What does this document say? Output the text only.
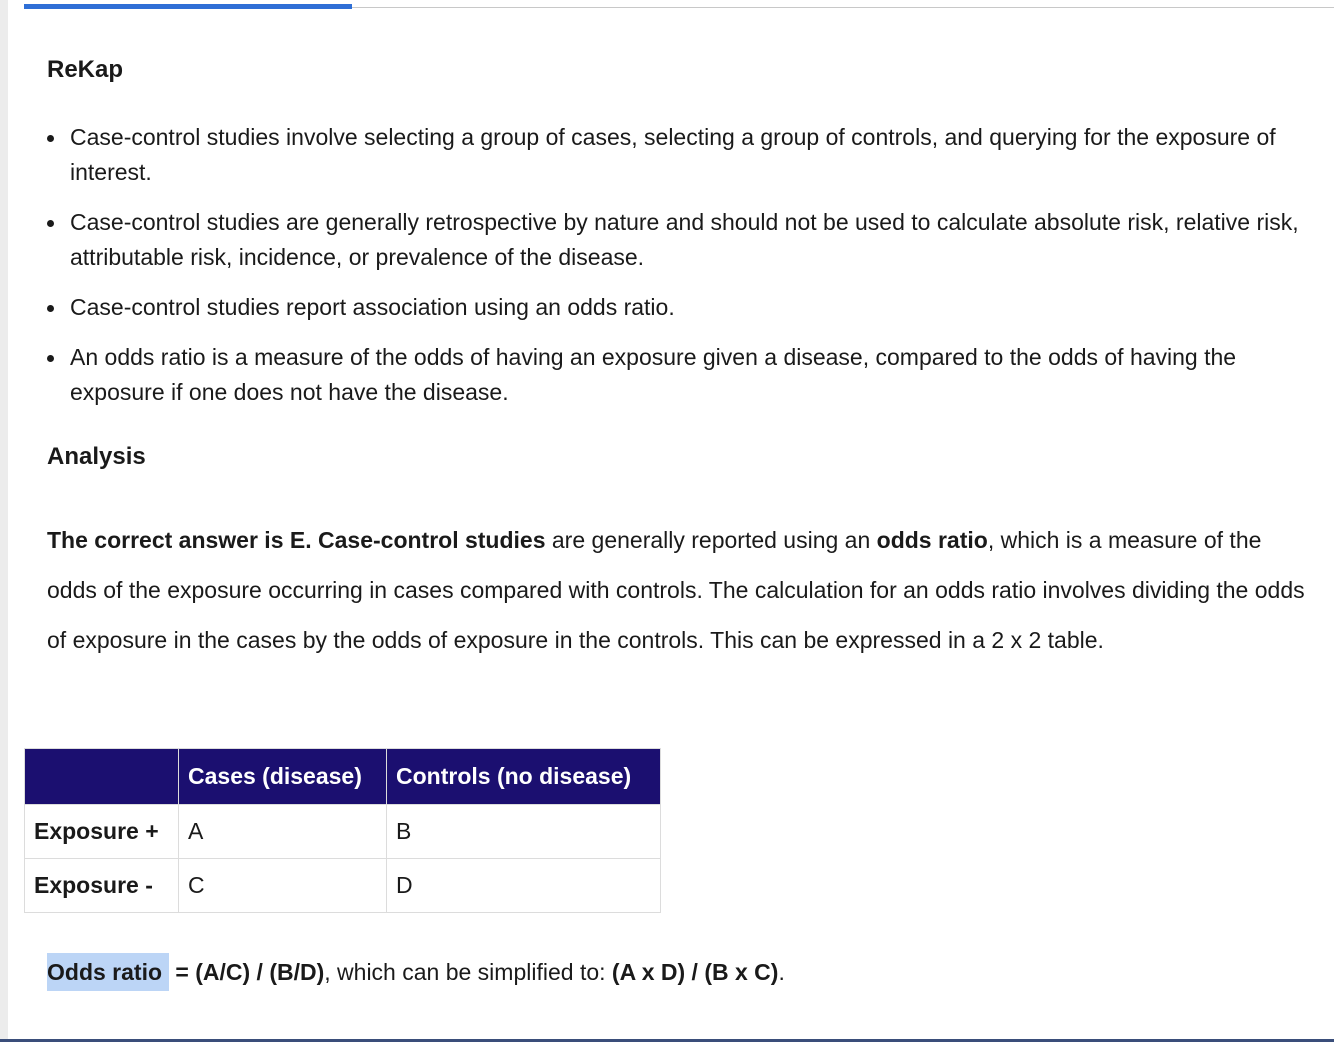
ReKap
Case-control studies involve selecting a group of cases, selecting a group of controls, and querying for the exposure of interest.
Case-control studies are generally retrospective by nature and should not be used to calculate absolute risk, relative risk, attributable risk, incidence, or prevalence of the disease.
Case-control studies report association using an odds ratio.
An odds ratio is a measure of the odds of having an exposure given a disease, compared to the odds of having the exposure if one does not have the disease.
Analysis

The correct answer is E. Case-control studies are generally reported using an odds ratio, which is a measure of the odds of the exposure occurring in cases compared with controls. The calculation for an odds ratio involves dividing the odds of exposure in the cases by the odds of exposure in the controls. This can be expressed in a 2 x 2 table.

Odds ratio = (A/C) / (B/D), which can be simplified to: (A x D) / (B x C).

	Cases (disease)	Controls (no disease)
Exposure +	A	B
Exposure -	C	D
